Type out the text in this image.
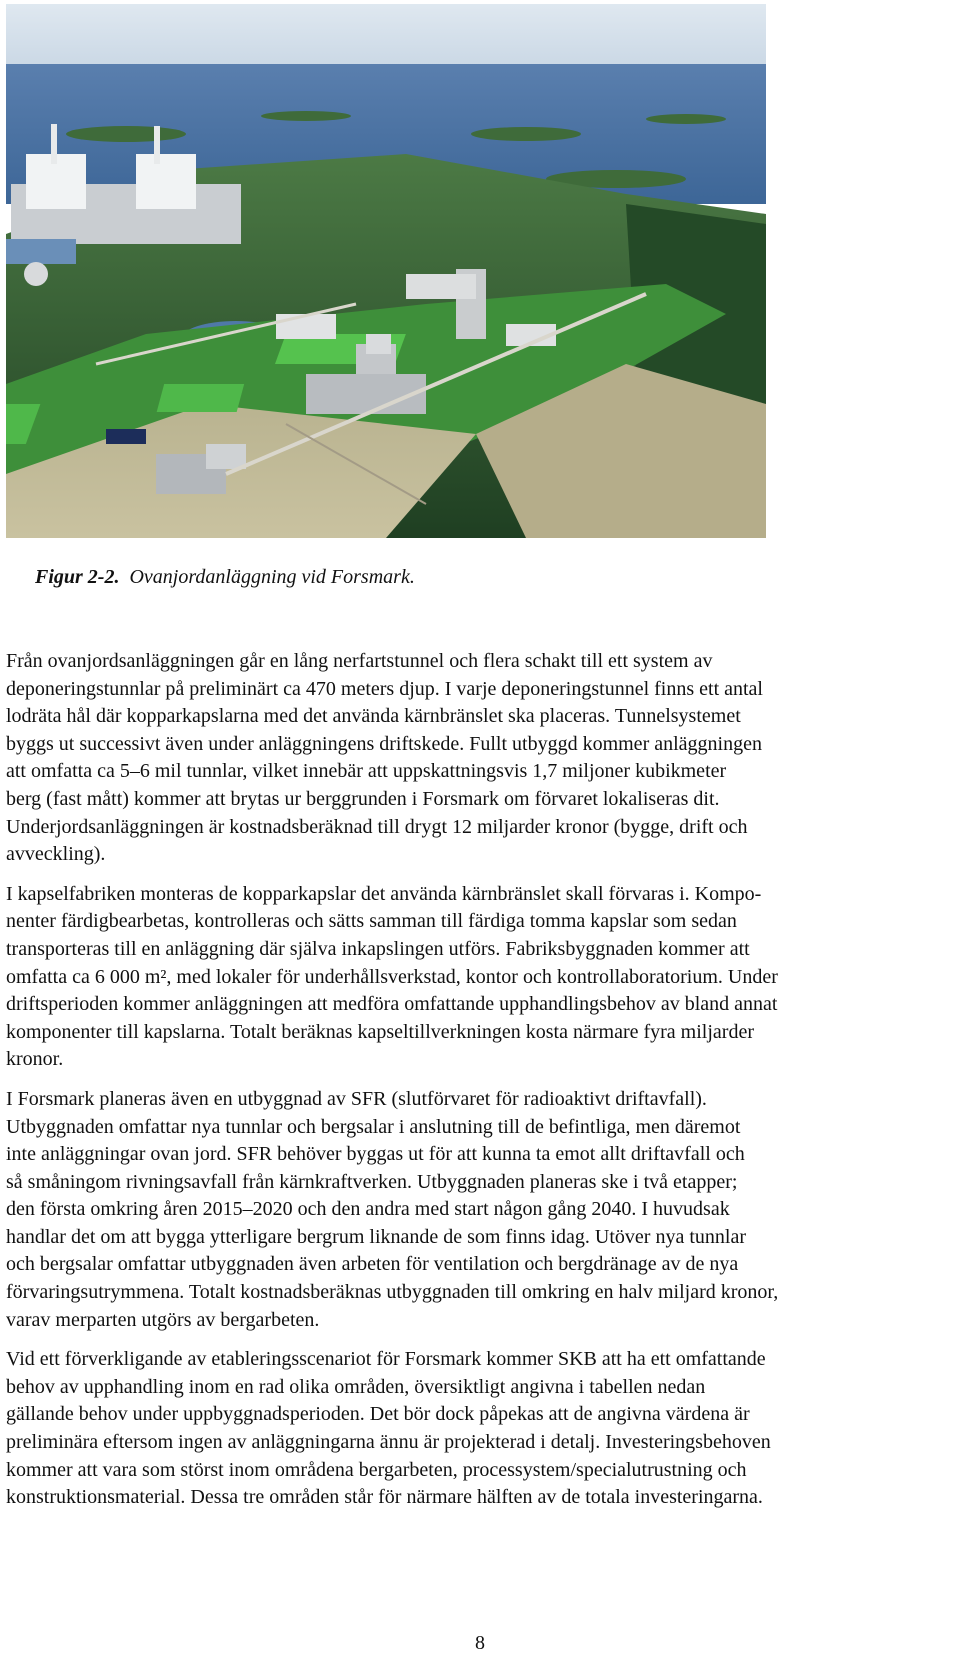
Figur 2-2. Ovanjordanläggning vid Forsmark.

Från ovanjordsanläggningen går en lång nerfartstunnel och flera schakt till ett system av
deponeringstunnlar på preliminärt ca 470 meters djup. I varje deponeringstunnel finns ett antal
lodräta hål där kopparkapslarna med det använda kärnbränslet ska placeras. Tunnelsystemet
byggs ut successivt även under anläggningens driftskede. Fullt utbyggd kommer anläggningen
att omfatta ca 5–6 mil tunnlar, vilket innebär att uppskattningsvis 1,7 miljoner kubikmeter
berg (fast mått) kommer att brytas ur berggrunden i Forsmark om förvaret lokaliseras dit.
Underjordsanläggningen är kostnadsberäknad till drygt 12 miljarder kronor (bygge, drift och
avveckling).

I kapselfabriken monteras de kopparkapslar det använda kärnbränslet skall förvaras i. Kompo-
nenter färdigbearbetas, kontrolleras och sätts samman till färdiga tomma kapslar som sedan
transporteras till en anläggning där själva inkapslingen utförs. Fabriksbyggnaden kommer att
omfatta ca 6 000 m², med lokaler för underhållsverkstad, kontor och kontrollaboratorium. Under
driftsperioden kommer anläggningen att medföra omfattande upphandlingsbehov av bland annat
komponenter till kapslarna. Totalt beräknas kapseltillverkningen kosta närmare fyra miljarder
kronor.

I Forsmark planeras även en utbyggnad av SFR (slutförvaret för radioaktivt driftavfall).
Utbyggnaden omfattar nya tunnlar och bergsalar i anslutning till de befintliga, men däremot
inte anläggningar ovan jord. SFR behöver byggas ut för att kunna ta emot allt driftavfall och
så småningom rivningsavfall från kärnkraftverken. Utbyggnaden planeras ske i två etapper;
den första omkring åren 2015–2020 och den andra med start någon gång 2040. I huvudsak
handlar det om att bygga ytterligare bergrum liknande de som finns idag. Utöver nya tunnlar
och bergsalar omfattar utbyggnaden även arbeten för ventilation och bergdränage av de nya
förvaringsutrymmena. Totalt kostnadsberäknas utbyggnaden till omkring en halv miljard kronor,
varav merparten utgörs av bergarbeten.

Vid ett förverkligande av etableringsscenariot för Forsmark kommer SKB att ha ett omfattande
behov av upphandling inom en rad olika områden, översiktligt angivna i tabellen nedan
gällande behov under uppbyggnadsperioden. Det bör dock påpekas att de angivna värdena är
preliminära eftersom ingen av anläggningarna ännu är projekterad i detalj. Investeringsbehoven
kommer att vara som störst inom områdena bergarbeten, processystem/specialutrustning och
konstruktionsmaterial. Dessa tre områden står för närmare hälften av de totala investeringarna.

8
